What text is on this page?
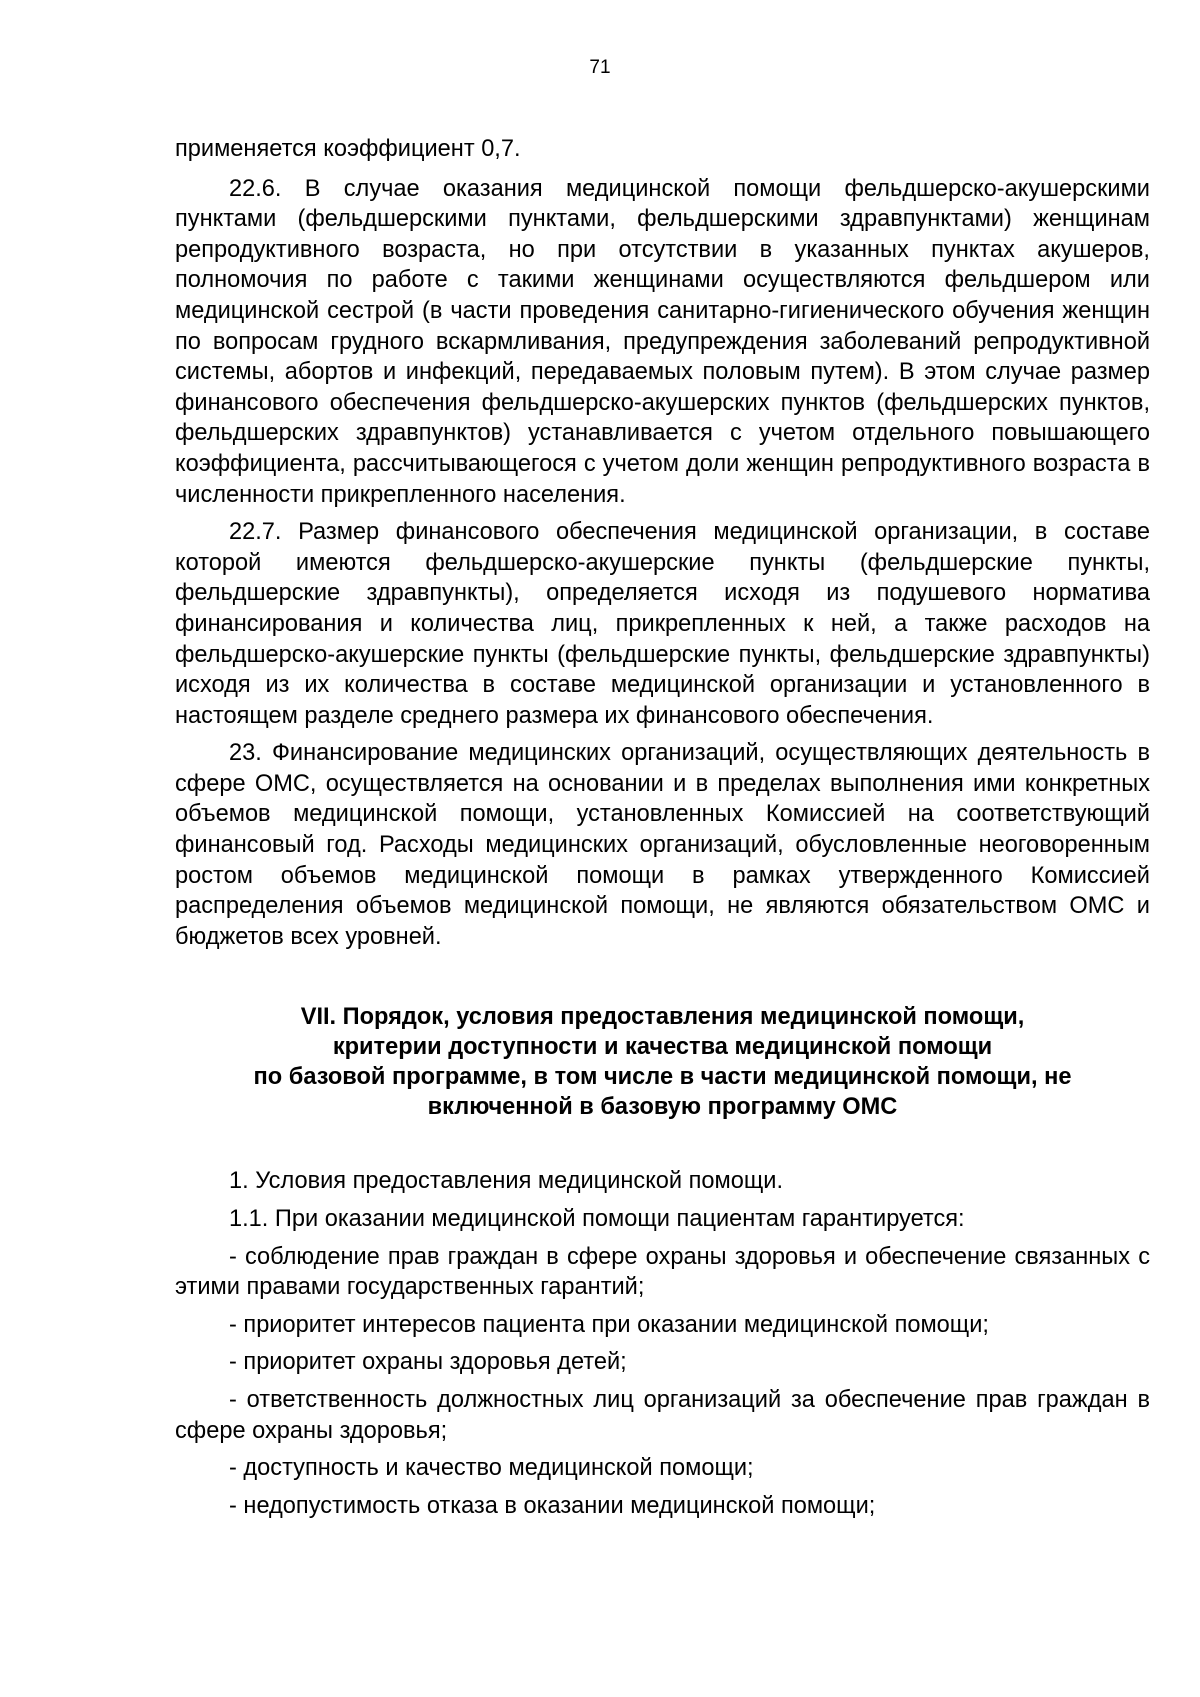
71

применяется коэффициент 0,7.

22.6. В случае оказания медицинской помощи фельдшерско-акушерскими пунктами (фельдшерскими пунктами, фельдшерскими здравпунктами) женщинам репродуктивного возраста, но при отсутствии в указанных пунктах акушеров, полномочия по работе с такими женщинами осуществляются фельдшером или медицинской сестрой (в части проведения санитарно-гигиенического обучения женщин по вопросам грудного вскармливания, предупреждения заболеваний репродуктивной системы, абортов и инфекций, передаваемых половым путем). В этом случае размер финансового обеспечения фельдшерско-акушерских пунктов (фельдшерских пунктов, фельдшерских здравпунктов) устанавливается с учетом отдельного повышающего коэффициента, рассчитывающегося с учетом доли женщин репродуктивного возраста в численности прикрепленного населения.

22.7. Размер финансового обеспечения медицинской организации, в составе которой имеются фельдшерско-акушерские пункты (фельдшерские пункты, фельдшерские здравпункты), определяется исходя из подушевого норматива финансирования и количества лиц, прикрепленных к ней, а также расходов на фельдшерско-акушерские пункты (фельдшерские пункты, фельдшерские здравпункты) исходя из их количества в составе медицинской организации и установленного в настоящем разделе среднего размера их финансового обеспечения.

23. Финансирование медицинских организаций, осуществляющих деятельность в сфере ОМС, осуществляется на основании и в пределах выполнения ими конкретных объемов медицинской помощи, установленных Комиссией на соответствующий финансовый год. Расходы медицинских организаций, обусловленные неоговоренным ростом объемов медицинской помощи в рамках утвержденного Комиссией распределения объемов медицинской помощи, не являются обязательством ОМС и бюджетов всех уровней.

VII. Порядок, условия предоставления медицинской помощи,
критерии доступности и качества медицинской помощи
по базовой программе, в том числе в части медицинской помощи, не
включенной в базовую программу ОМС

1. Условия предоставления медицинской помощи.

1.1. При оказании медицинской помощи пациентам гарантируется:

- соблюдение прав граждан в сфере охраны здоровья и обеспечение связанных с этими правами государственных гарантий;

- приоритет интересов пациента при оказании медицинской помощи;

- приоритет охраны здоровья детей;

- ответственность должностных лиц организаций за обеспечение прав граждан в сфере охраны здоровья;

- доступность и качество медицинской помощи;

- недопустимость отказа в оказании медицинской помощи;
